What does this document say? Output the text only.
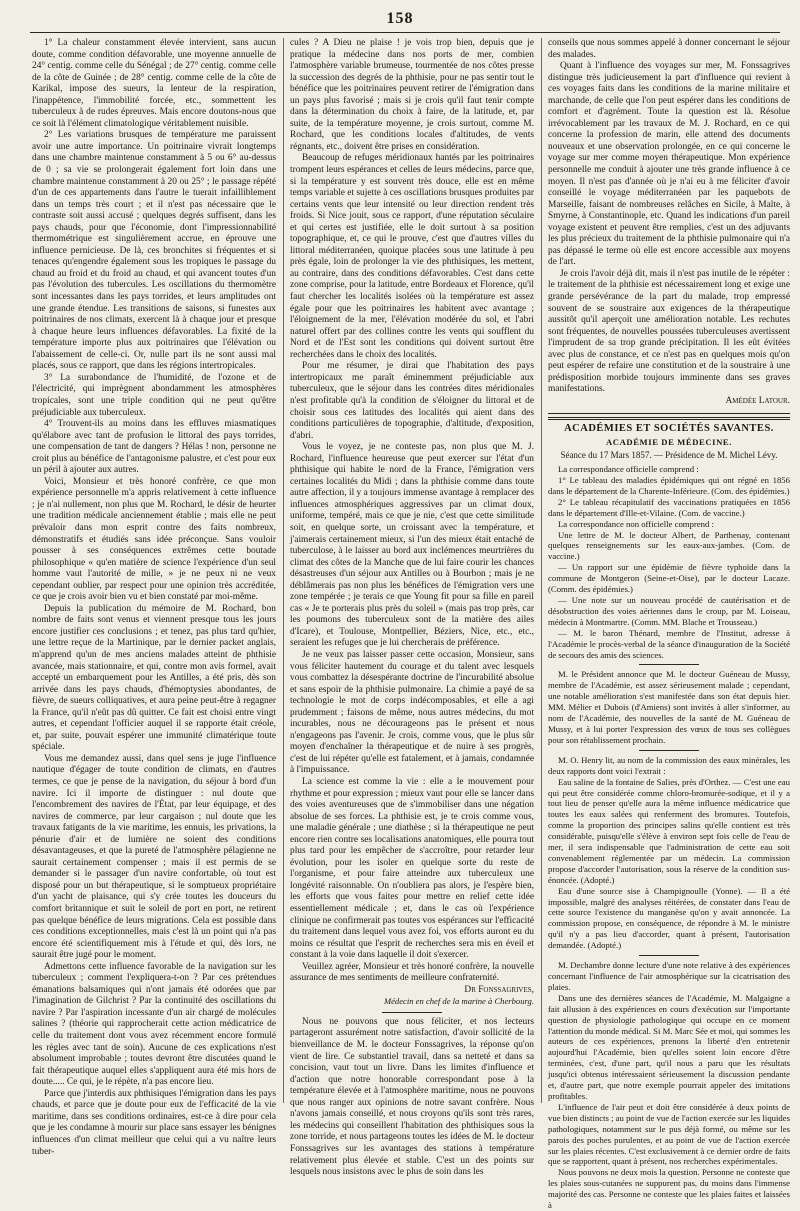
158

1° La chaleur constamment élevée intervient, sans aucun doute, comme condition défavorable, une moyenne annuelle de 24° centig. comme celle du Sénégal ; de 27° centig. comme celle de la côte de Guinée ; de 28° centig. comme celle de la côte de Karikal, impose des sueurs, la lenteur de la respiration, l'inappétence, l'immobilité forcée, etc., sommettent les tuberculeux à de rudes épreuves. Mais encore doutons-nous que ce soit là l'élément climatologique véritablement nuisible.

2° Les variations brusques de température me paraissent avoir une autre importance. Un poitrinaire vivrait longtemps dans une chambre maintenue constamment à 5 ou 6° au-dessus de 0 ; sa vie se prolongerait également fort loin dans une chambre maintenue constamment à 20 ou 25° ; le passage répété d'un de ces appartements dans l'autre le tuerait infailliblement dans un temps très court ; et il n'est pas nécessaire que le contraste soit aussi accusé ; quelques degrés suffisent, dans les pays chauds, pour que l'économie, dont l'impressionnabilité thermométrique est singulièrement accrue, en éprouve une influence pernicieuse. De là, ces bronchites si fréquentes et si tenaces qu'engendre également sous les tropiques le passage du chaud au froid et du froid au chaud, et qui avancent toutes d'un pas l'évolution des tubercules. Les oscillations du thermomètre sont incessantes dans les pays torrides, et leurs amplitudes ont une grande étendue. Les transitions de saisons, si funestes aux poitrinaires de nos climats, exercent là à chaque jour et presque à chaque heure leurs influences défavorables. La fixité de la température importe plus aux poitrinaires que l'élévation ou l'abaissement de celle-ci. Or, nulle part ils ne sont aussi mal placés, sous ce rapport, que dans les régions intertropicales.

3° La surabondance de l'humidité, de l'ozone et de l'électricité, qui imprègnent abondamment les atmosphères tropicales, sont une triple condition qui ne peut qu'être préjudiciable aux tuberculeux.

4° Trouvent-ils au moins dans les effluves miasmatiques qu'élabore avec tant de profusion le littoral des pays torrides, une compensation de tant de dangers ? Hélas ! non, personne ne croit plus au bénéfice de l'antagonisme palustre, et c'est pour eux un péril à ajouter aux autres.

Voici, Monsieur et très honoré confrère, ce que mon expérience personnelle m'a appris relativement à cette influence ; je n'ai nullement, non plus que M. Rochard, le désir de heurter une tradition médicale anciennement établie ; mais elle ne peut prévaloir dans mon esprit contre des faits nombreux, démonstratifs et étudiés sans idée préconçue. Sans vouloir pousser à ses conséquences extrêmes cette boutade philosophique « qu'en matière de science l'expérience d'un seul homme vaut l'autorité de mille, » je ne peux ni ne veux cependant oublier, par respect pour une opinion très accréditée, ce que je crois avoir bien vu et bien constaté par moi-même.

Depuis la publication du mémoire de M. Rochard, bon nombre de faits sont venus et viennent presque tous les jours encore justifier ces conclusions ; et tenez, pas plus tard qu'hier, une lettre reçue de la Martinique, par le dernier packet anglais, m'apprend qu'un de mes anciens malades atteint de phthisie avancée, mais stationnaire, et qui, contre mon avis formel, avait accepté un embarquement pour les Antilles, a été pris, dès son arrivée dans les pays chauds, d'hémoptysies abondantes, de fièvre, de sueurs colliquatives, et aura peine peut-être à regagner la France, qu'il n'eût pas dû quitter. Ce fait est choisi entre vingt autres, et cependant l'officier auquel il se rapporte était créole, et, par suite, pouvait espérer une immunité climatérique toute spéciale.

Vous me demandez aussi, dans quel sens je juge l'influence nautique d'égager de toute condition de climats, en d'autres termes, ce que je pense de la navigation, du séjour à bord d'un navire. Ici il importe de distinguer : nul doute que l'encombrement des navires de l'État, par leur équipage, et des navires de commerce, par leur cargaison ; nul doute que les travaux fatigants de la vie maritime, les ennuis, les privations, la pénurie d'air et de lumière ne soient des conditions désavantageuses, et que la pureté de l'atmosphère pélagienne ne saurait certainement compenser ; mais il est permis de se demander si le passager d'un navire confortable, où tout est disposé pour un but thérapeutique, si le somptueux propriétaire d'un yacht de plaisance, qui s'y crée toutes les douceurs du comfort britannique et suit le soleil de port en port, ne retirent pas quelque bénéfice de leurs migrations. Cela est possible dans ces conditions exceptionnelles, mais c'est là un point qui n'a pas encore été scientifiquement mis à l'étude et qui, dès lors, ne saurait être jugé pour le moment.

Admettons cette influence favorable de la navigation sur les tuberculeux ; comment l'expliquera-t-on ? Par ces prétendues émanations balsamiques qui n'ont jamais été odorées que par l'imagination de Gilchrist ? Par la continuité des oscillations du navire ? Par l'aspiration incessante d'un air chargé de molécules salines ? (théorie qui rapprocherait cette action médicatrice de celle du traitement dont vous avez récemment encore formulé les règles avec tant de soin). Aucune de ces explications n'est absolument improbable ; toutes devront être discutées quand le fait thérapeutique auquel elles s'appliquent aura été mis hors de doute..... Ce qui, je le répète, n'a pas encore lieu.

Parce que j'interdis aux phthisiques l'émigration dans les pays chauds, et parce que je doute pour eux de l'efficacité de la vie maritime, dans ses conditions ordinaires, est-ce à dire pour cela que je les condamne à mourir sur place sans essayer les bénignes influences d'un climat meilleur que celui qui a vu naître leurs tuber-

cules ? A Dieu ne plaise ! je vois trop bien, depuis que je pratique la médecine dans nos ports de mer, combien l'atmosphère variable brumeuse, tourmentée de nos côtes presse la succession des degrés de la phthisie, pour ne pas sentir tout le bénéfice que les poitrinaires peuvent retirer de l'émigration dans un pays plus favorisé ; mais si je crois qu'il faut tenir compte dans la détermination du choix à faire, de la latitude, et, par suite, de la température moyenne, je crois surtout, comme M. Rochard, que les conditions locales d'altitudes, de vents régnants, etc., doivent être prises en considération.

Beaucoup de refuges méridionaux hantés par les poitrinaires trompent leurs espérances et celles de leurs médecins, parce que, si la température y est souvent très douce, elle est en même temps variable et sujette à ces oscillations brusques produites par certains vents que leur intensité ou leur direction rendent très froids. Si Nice jouit, sous ce rapport, d'une réputation séculaire et qui certes est justifiée, elle le doit surtout à sa position topographique, et, ce qui le prouve, c'est que d'autres villes du littoral méditerranéen, quoique placées sous une latitude à peu près égale, loin de prolonger la vie des phthisiques, les mettent, au contraire, dans des conditions défavorables. C'est dans cette zone comprise, pour la latitude, entre Bordeaux et Florence, qu'il faut chercher les localités isolées où la température est assez égale pour que les poitrinaires les habitent avec avantage ; l'éloignement de la mer, l'élévation modérée du sol, et l'abri naturel offert par des collines contre les vents qui soufflent du Nord et de l'Est sont les conditions qui doivent surtout être recherchées dans le choix des localités.

Pour me résumer, je dirai que l'habitation des pays intertropicaux me paraît éminemment préjudiciable aux tuberculeux, que le séjour dans les contrées dites méridionales n'est profitable qu'à la condition de s'éloigner du littoral et de choisir sous ces latitudes des localités qui aient dans des conditions particulières de topographie, d'altitude, d'exposition, d'abri.

Vous le voyez, je ne conteste pas, non plus que M. J. Rochard, l'influence heureuse que peut exercer sur l'état d'un phthisique qui habite le nord de la France, l'émigration vers certaines localités du Midi ; dans la phthisie comme dans toute autre affection, il y a toujours immense avantage à remplacer des influences atmosphériques aggressives par un climat doux, uniforme, tempéré, mais ce que je nie, c'est que cette similitude soit, en quelque sorte, un croissant avec la température, et j'aimerais certainement mieux, si l'un des mieux était entaché de tuberculose, à le laisser au bord aux inclémences meurtrières du climat des côtes de la Manche que de lui faire courir les chances désastreuses d'un séjour aux Antilles ou à Bourbon ; mais je ne déblâmerais pas non plus les bénéfices de l'émigration vers une zone tempérée ; je terais ce que Young fit pour sa fille en pareil cas « Je te porterais plus près du soleil » (mais pas trop près, car les poumons des tuberculeux sont de la matière des ailes d'Icare), et Toulouse, Montpellier, Béziers, Nice, etc., etc., seraient les refuges que je lui chercherais de préférence.

Je ne veux pas laisser passer cette occasion, Monsieur, sans vous féliciter hautement du courage et du talent avec lesquels vous combattez la désespérante doctrine de l'incurabilité absolue et sans espoir de la phthisie pulmonaire. La chimie a payé de sa technologie le mot de corps indécomposables, et elle a agi prudemment ; faisons de même, nous autres médecins, du mot incurables, nous ne décourageons pas le présent et nous n'engageons pas l'avenir. Je crois, comme vous, que le plus sûr moyen d'enchaîner la thérapeutique et de nuire à ses progrès, c'est de lui répéter qu'elle est fatalement, et à jamais, condamnée à l'impuissance.

La science est comme la vie : elle a le mouvement pour rhythme et pour expression ; mieux vaut pour elle se lancer dans des voies aventureuses que de s'immobiliser dans une négation absolue de ses forces. La phthisie est, je te crois comme vous, une maladie générale ; une diathèse ; si la thérapeutique ne peut encore rien contre ses localisations anatomiques, elle pourra tout plus tard pour les empêcher de s'accroître, pour retarder leur évolution, pour les isoler en quelque sorte du reste de l'organisme, et pour faire atteindre aux tuberculeux une longévité raisonnable. On n'oubliera pas alors, je l'espère bien, les efforts que vous faites pour mettre en relief cette idée essentiellement médicale ; et, dans le cas où l'expérience clinique ne confirmerait pas toutes vos espérances sur l'efficacité du traitement dans lequel vous avez foi, vos efforts auront eu du moins ce résultat que l'esprit de recherches sera mis en éveil et constant à la voie dans laquelle il doit s'exercer.

Veuillez agréer, Monsieur et très honoré confrère, la nouvelle assurance de mes sentiments de meilleure confraternité.

Dr Fonssagrives,

Médecin en chef de la marine à Cherbourg.

Nous ne pouvons que nous féliciter, et nos lecteurs partageront assurément notre satisfaction, d'avoir sollicité de la bienveillance de M. le docteur Fonssagrives, la réponse qu'on vient de lire. Ce substantiel travail, dans sa netteté et dans sa concision, vaut tout un livre. Dans les limites d'influence et d'action que notre honorable correspondant pose à la température élevée et à l'atmosphère maritime, nous ne pouvons que nous ranger aux opinions de notre savant confrère. Nous n'avons jamais conseillé, et nous croyons qu'ils sont très rares, les médecins qui conseillent l'habitation des phthisiques sous la zone torride, et nous partageons toutes les idées de M. le docteur Fonssagrives sur les avantages des stations à température relativement plus élevée et stable. C'est un des points sur lesquels nous insistons avec le plus de soin dans les

conseils que nous sommes appelé à donner concernant le séjour des malades.

Quant à l'influence des voyages sur mer, M. Fonssagrives distingue très judicieusement la part d'influence qui revient à ces voyages faits dans les conditions de la marine militaire et marchande, de celle que l'on peut espérer dans les conditions de comfort et d'agrément. Toute la question est là. Résolue irrévocablement par les travaux de M. J. Rochard, en ce qui concerne la profession de marin, elle attend des documents nouveaux et une observation prolongée, en ce qui concerne le voyage sur mer comme moyen thérapeutique. Mon expérience personnelle me conduit à ajouter une très grande influence à ce moyen. Il n'est pas d'année où je n'ai eu à me féliciter d'avoir conseillé le voyage méditerranéen par les paquebots de Marseille, faisant de nombreuses relâches en Sicile, à Malte, à Smyrne, à Constantinople, etc. Quand les indications d'un pareil voyage existent et peuvent être remplies, c'est un des adjuvants les plus précieux du traitement de la phthisie pulmonaire qui n'a pas dépassé le terme où elle est encore accessible aux moyens de l'art.

Je crois l'avoir déjà dit, mais il n'est pas inutile de le répéter : le traitement de la phthisie est nécessairement long et exige une grande persévérance de la part du malade, trop empressé souvent de se soustraire aux exigences de la thérapeutique aussitôt qu'il aperçoit une amélioration notable. Les rechutes sont fréquentes, de nouvelles poussées tuberculeuses avertissent l'imprudent de sa trop grande précipitation. Il les eût évitées avec plus de constance, et ce n'est pas en quelques mois qu'on peut espérer de refaire une constitution et de la soustraire à une prédisposition morbide toujours imminente dans ses graves manifestations.

Amédée Latour.

ACADÉMIES ET SOCIÉTÉS SAVANTES.
ACADÉMIE DE MÉDECINE.
Séance du 17 Mars 1857. — Présidence de M. Michel Lévy.

La correspondance officielle comprend :

1° Le tableau des maladies épidémiques qui ont régné en 1856 dans le département de la Charente-Inférieure. (Com. des épidémies.)

2° Le tableau récapitulatif des vaccinations pratiquées en 1856 dans le département d'Ille-et-Vilaine. (Com. de vaccine.)

La correspondance non officielle comprend :

Une lettre de M. le docteur Albert, de Parthenay, contenant quelques renseignements sur les eaux-aux-jambes. (Com. de vaccine.)

— Un rapport sur une épidémie de fièvre typhoïde dans la commune de Montgeron (Seine-et-Oise), par le docteur Lacaze. (Comm. des épidémies.)

— Une note sur un nouveau procédé de cautérisation et de désobstruction des voies aériennes dans le croup, par M. Loiseau, médecin à Montmartre. (Comm. MM. Blache et Trousseau.)

— M. le baron Thénard, membre de l'Institut, adresse à l'Académie le procès-verbal de la séance d'inauguration de la Société de secours des amis des sciences.

M. le Président annonce que M. le docteur Guéneau de Mussy, membre de l'Académie, est assez sérieusement malade ; cependant, une notable amélioration s'est manifestée dans son état depuis hier. MM. Mélier et Dubois (d'Amiens) sont invités à aller s'informer, au nom de l'Académie, des nouvelles de la santé de M. Guéneau de Mussy, et à lui porter l'expression des vœux de tous ses collègues pour son rétablissement prochain.

M. O. Henry lit, au nom de la commission des eaux minérales, les deux rapports dont voici l'extrait :

Eau saline de la fontaine de Salies, près d'Orthez. — C'est une eau qui peut être considérée comme chloro-bromurée-sodique, et il y a tout lieu de penser qu'elle aura la même influence médicatrice que toutes les eaux salées qui renferment des bromures. Toutefois, comme la proportion des principes salins qu'elle contient est très considérable, puisqu'elle s'élève à environ sept fois celle de l'eau de mer, il sera indispensable que l'administration de cette eau soit convenablement réglementée par un médecin. La commission propose d'accorder l'autorisation, sous la réserve de la condition sus-énoncée. (Adopté.)

Eau d'une source sise à Champignoulle (Yonne). — Il a été impossible, malgré des analyses réitérées, de constater dans l'eau de cette source l'existence du manganèse qu'on y avait annoncée. La commission propose, en conséquence, de répondre à M. le ministre qu'il n'y a pas lieu d'accorder, quant à présent, l'autorisation demandée. (Adopté.)

M. Dechambre donne lecture d'une note relative à des expériences concernant l'influence de l'air atmosphérique sur la cicatrisation des plaies.

Dans une des dernières séances de l'Académie, M. Malgaigne a fait allusion à des expériences en cours d'exécution sur l'importante question de physiologie pathologique qui occupe en ce moment l'attention du monde médical. Si M. Marc Sée et moi, qui sommes les auteurs de ces expériences, prenons la liberté d'en entretenir aujourd'hui l'Académie, bien qu'elles soient loin encore d'être terminées, c'est, d'une part, qu'il nous a paru que les résultats jusqu'ici obtenus intéressaient sérieusement la discussion pendante et, d'autre part, que notre exemple pourrait appeler des imitations profitables.

L'influence de l'air peut et doit être considérée à deux points de vue bien distincts ; au point de vue de l'action exercée sur les liquides pathologiques, notamment sur le pus déjà formé, ou même sur les parois des poches purulentes, et au point de vue de l'action exercée sur les plaies récentes. C'est exclusivement à ce dernier ordre de faits que se rapportent, quant à présent, nos recherches expérimentales.

Nous pouvons ne deux mois la question. Personne ne conteste que les plaies sous-cutanées ne suppurent pas, du moins dans l'immense majorité des cas. Personne ne conteste que les plaies faites et laissées à
